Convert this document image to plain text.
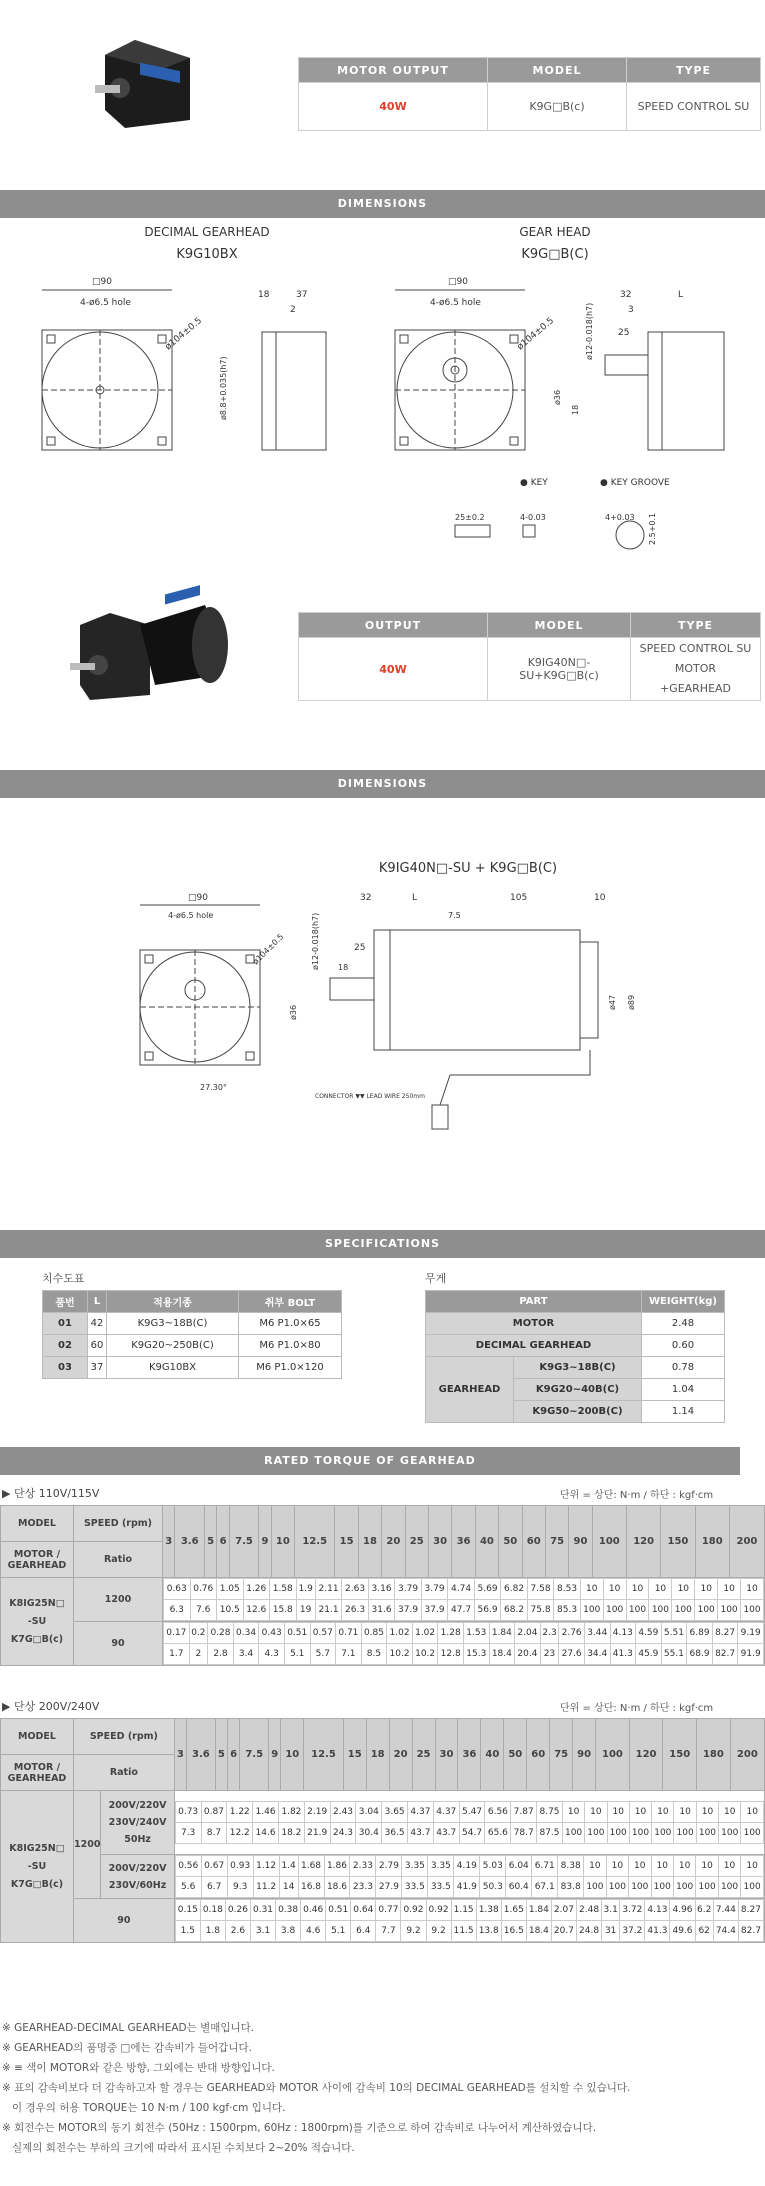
MOTOR OUTPUT	MODEL	TYPE
40W	K9G□B(c)	SPEED CONTROL SU
DIMENSIONS
DECIMAL GEARHEAD
K9G10BX
GEAR HEAD
K9G□B(C)
□90
4-ø6.5 hole
ø104±0.5
18	37
2
ø8.8+0.035(h7)
□90
4-ø6.5 hole
ø104±0.5
32	L
3
25
ø36
18
ø12-0.018(h7)
● KEY	● KEY GROOVE
25±0.2	4-0.03	4+0.03 2.5+0.1
OUTPUT	MODEL	TYPE
40W	K9IG40N□-SU+K9G□B(c)	SPEED CONTROL SU
MOTOR
+GEARHEAD
DIMENSIONS
K9IG40N□-SU + K9G□B(C)
□90
4-ø6.5 hole
ø104±0.5
32	L
7.5
105	10
25
18
ø36
ø12-0.018(h7)
ø47 ø89
27.30°
CONNECTOR ▼▼ LEAD WIRE 250mm
SPECIFICATIONS
치수도표
품번	L	적용기종	취부 BOLT
01	42	K9G3~18B(C)	M6 P1.0×65
02	60	K9G20~250B(C)	M6 P1.0×80
03	37	K9G10BX	M6 P1.0×120
무게
PART		WEIGHT(kg)
MOTOR		2.48
DECIMAL GEARHEAD		0.60
GEARHEAD	K9G3~18B(C)	0.78
	K9G20~40B(C)	1.04
	K9G50~200B(C)	1.14
RATED TORQUE OF GEARHEAD
▶ 단상 110V/115V	단위 = 상단: N·m / 하단 : kgf·cm
MODEL	SPEED (rpm)	3	3.6	5	6	7.5	9	10	12.5	15	18	20	25	30	36	40	50	60	75	90	100	120	150	180	200
MOTOR / GEARHEAD	Ratio

K8IG25N□
-SU
K7G□B(c)
	1200	
0.63	0.76	1.05	1.26	1.58	1.9	2.11	2.63	3.16	3.79	3.79	4.74	5.69	6.82	7.58	8.53	10	10	10	10	10	10	10	10
6.3	7.6	10.5	12.6	15.8	19	21.1	26.3	31.6	37.9	37.9	47.7	56.9	68.2	75.8	85.3	100	100	100	100	100	100	100	100

90	
0.17	0.2	0.28	0.34	0.43	0.51	0.57	0.71	0.85	1.02	1.02	1.28	1.53	1.84	2.04	2.3	2.76	3.44	4.13	4.59	5.51	6.89	8.27	9.19
1.7	2	2.8	3.4	4.3	5.1	5.7	7.1	8.5	10.2	10.2	12.8	15.3	18.4	20.4	23	27.6	34.4	41.3	45.9	55.1	68.9	82.7	91.9
▶ 단상 200V/240V	단위 = 상단: N·m / 하단 : kgf·cm
MODEL	SPEED (rpm)	3	3.6	5	6	7.5	9	10	12.5	15	18	20	25	30	36	40	50	60	75	90	100	120	150	180	200
MOTOR / GEARHEAD	Ratio

K8IG25N□
-SU
K7G□B(c)
	1200	
200V/220V
230V/240V
50Hz

0.73	0.87	1.22	1.46	1.82	2.19	2.43	3.04	3.65	4.37	4.37	5.47	6.56	7.87	8.75	10	10	10	10	10	10	10	10	10
7.3	8.7	12.2	14.6	18.2	21.9	24.3	30.4	36.5	43.7	43.7	54.7	65.6	78.7	87.5	100	100	100	100	100	100	100	100	100

200V/220V
230V/60Hz

0.56	0.67	0.93	1.12	1.4	1.68	1.86	2.33	2.79	3.35	3.35	4.19	5.03	6.04	6.71	8.38	10	10	10	10	10	10	10	10
5.6	6.7	9.3	11.2	14	16.8	18.6	23.3	27.9	33.5	33.5	41.9	50.3	60.4	67.1	83.8	100	100	100	100	100	100	100	100

90	
0.15	0.18	0.26	0.31	0.38	0.46	0.51	0.64	0.77	0.92	0.92	1.15	1.38	1.65	1.84	2.07	2.48	3.1	3.72	4.13	4.96	6.2	7.44	8.27
1.5	1.8	2.6	3.1	3.8	4.6	5.1	6.4	7.7	9.2	9.2	11.5	13.8	16.5	18.4	20.7	24.8	31	37.2	41.3	49.6	62	74.4	82.7
※ GEARHEAD-DECIMAL GEARHEAD는 별매입니다.
※ GEARHEAD의 품명중 □에는 감속비가 들어갑니다.
※ ≡ 색이 MOTOR와 같은 방향, 그외에는 반대 방향입니다.
※ 표의 감속비보다 더 감속하고자 할 경우는 GEARHEAD와 MOTOR 사이에 감속비 10의 DECIMAL GEARHEAD를 설치할 수 있습니다.
이 경우의 허용 TORQUE는 10 N·m / 100 kgf·cm 입니다.
※ 회전수는 MOTOR의 동기 회전수 (50Hz : 1500rpm, 60Hz : 1800rpm)를 기준으로 하여 감속비로 나누어서 계산하였습니다.
실제의 회전수는 부하의 크기에 따라서 표시된 수치보다 2~20% 적습니다.
